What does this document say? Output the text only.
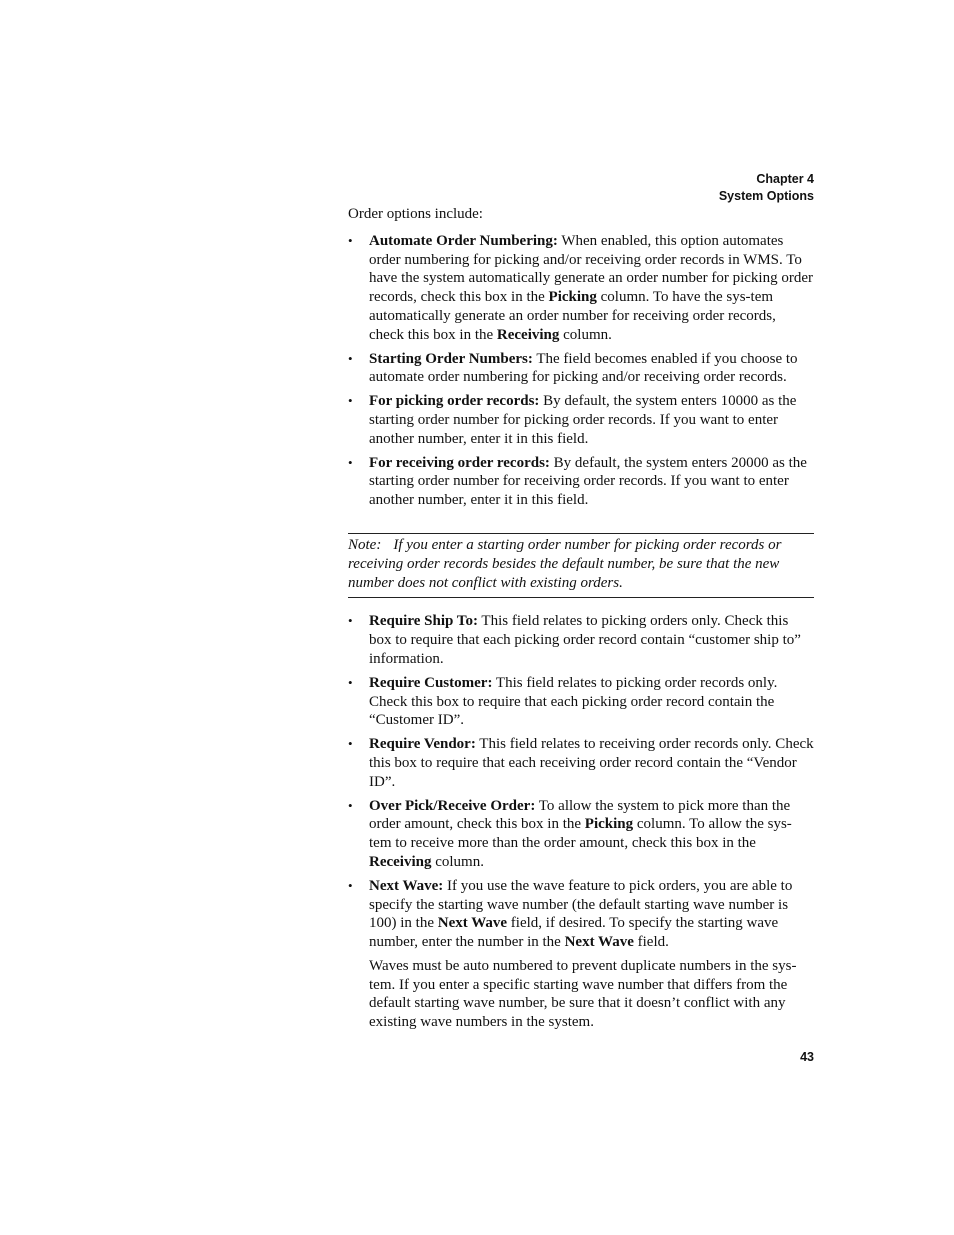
Chapter 4
System Options

Order options include:

• Automate Order Numbering: When enabled, this option automates order numbering for picking and/or receiving order records in WMS. To have the system automatically generate an order number for picking order records, check this box in the Picking column. To have the sys-tem automatically generate an order number for receiving order records, check this box in the Receiving column.
• Starting Order Numbers: The field becomes enabled if you choose to automate order numbering for picking and/or receiving order records.
• For picking order records: By default, the system enters 10000 as the starting order number for picking order records. If you want to enter another number, enter it in this field.
• For receiving order records: By default, the system enters 20000 as the starting order number for receiving order records. If you want to enter another number, enter it in this field.
Note: If you enter a starting order number for picking order records or receiving order records besides the default number, be sure that the new number does not conflict with existing orders.
• Require Ship To: This field relates to picking orders only. Check this box to require that each picking order record contain “customer ship to” information.
• Require Customer: This field relates to picking order records only. Check this box to require that each picking order record contain the “Customer ID”.
• Require Vendor: This field relates to receiving order records only. Check this box to require that each receiving order record contain the “Vendor ID”.
• Over Pick/Receive Order: To allow the system to pick more than the order amount, check this box in the Picking column. To allow the sys-tem to receive more than the order amount, check this box in the Receiving column.
• Next Wave: If you use the wave feature to pick orders, you are able to specify the starting wave number (the default starting wave number is 100) in the Next Wave field, if desired. To specify the starting wave number, enter the number in the Next Wave field.

Waves must be auto numbered to prevent duplicate numbers in the sys-tem. If you enter a specific starting wave number that differs from the default starting wave number, be sure that it doesn’t conflict with any existing wave numbers in the system.

43
